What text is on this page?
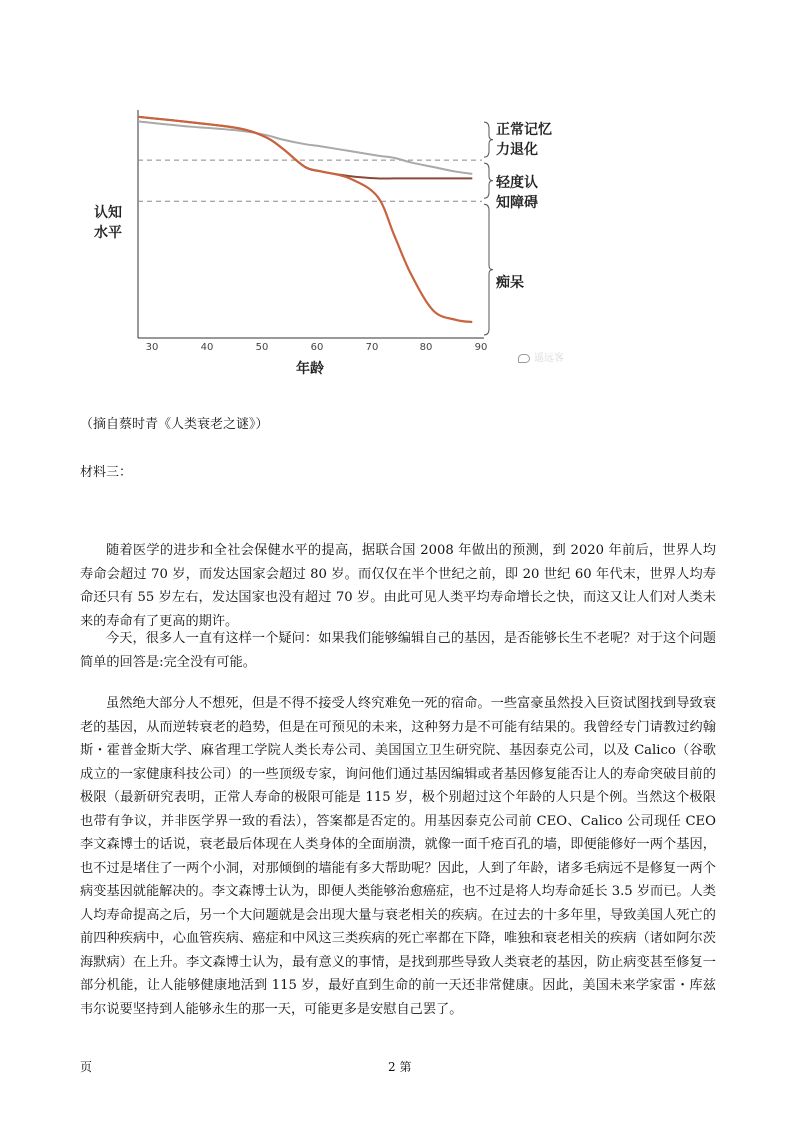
认知
水平
正常记忆
力退化
轻度认
知障碍
痴呆
30	40	50	60	70	80	90
年龄
遥远客
（摘自蔡时青《人类衰老之谜》）
材料三：

随着医学的进步和全社会保健水平的提高，据联合国 2008 年做出的预测，到 2020 年前后，世界人均寿命会超过 70 岁，而发达国家会超过 80 岁。而仅仅在半个世纪之前，即 20 世纪 60 年代末，世界人均寿命还只有 55 岁左右，发达国家也没有超过 70 岁。由此可见人类平均寿命增长之快，而这又让人们对人类未来的寿命有了更高的期许。

今天，很多人一直有这样一个疑问：如果我们能够编辑自己的基因，是否能够长生不老呢？对于这个问题简单的回答是:完全没有可能。

虽然绝大部分人不想死，但是不得不接受人终究难免一死的宿命。一些富豪虽然投入巨资试图找到导致衰老的基因，从而逆转衰老的趋势，但是在可预见的未来，这种努力是不可能有结果的。我曾经专门请教过约翰斯・霍普金斯大学、麻省理工学院人类长寿公司、美国国立卫生研究院、基因泰克公司，以及 Calico（谷歌成立的一家健康科技公司）的一些顶级专家，询问他们通过基因编辑或者基因修复能否让人的寿命突破目前的极限（最新研究表明，正常人寿命的极限可能是 115 岁，极个别超过这个年龄的人只是个例。当然这个极限也带有争议，并非医学界一致的看法），答案都是否定的。用基因泰克公司前 CEO、Calico 公司现任 CEO 李文森博士的话说，衰老最后体现在人类身体的全面崩溃，就像一面千疮百孔的墙，即便能修好一两个基因，也不过是堵住了一两个小洞，对那倾倒的墙能有多大帮助呢？因此，人到了年龄，诸多毛病远不是修复一两个病变基因就能解决的。李文森博士认为，即便人类能够治愈癌症，也不过是将人均寿命延长 3.5 岁而已。人类人均寿命提高之后，另一个大问题就是会出现大量与衰老相关的疾病。在过去的十多年里，导致美国人死亡的前四种疾病中，心血管疾病、癌症和中风这三类疾病的死亡率都在下降，唯独和衰老相关的疾病（诸如阿尔茨海默病）在上升。李文森博士认为，最有意义的事情，是找到那些导致人类衰老的基因，防止病变甚至修复一部分机能，让人能够健康地活到 115 岁，最好直到生命的前一天还非常健康。因此，美国未来学家雷・库兹韦尔说要坚持到人能够永生的那一天，可能更多是安慰自己罢了。

页	2 第
